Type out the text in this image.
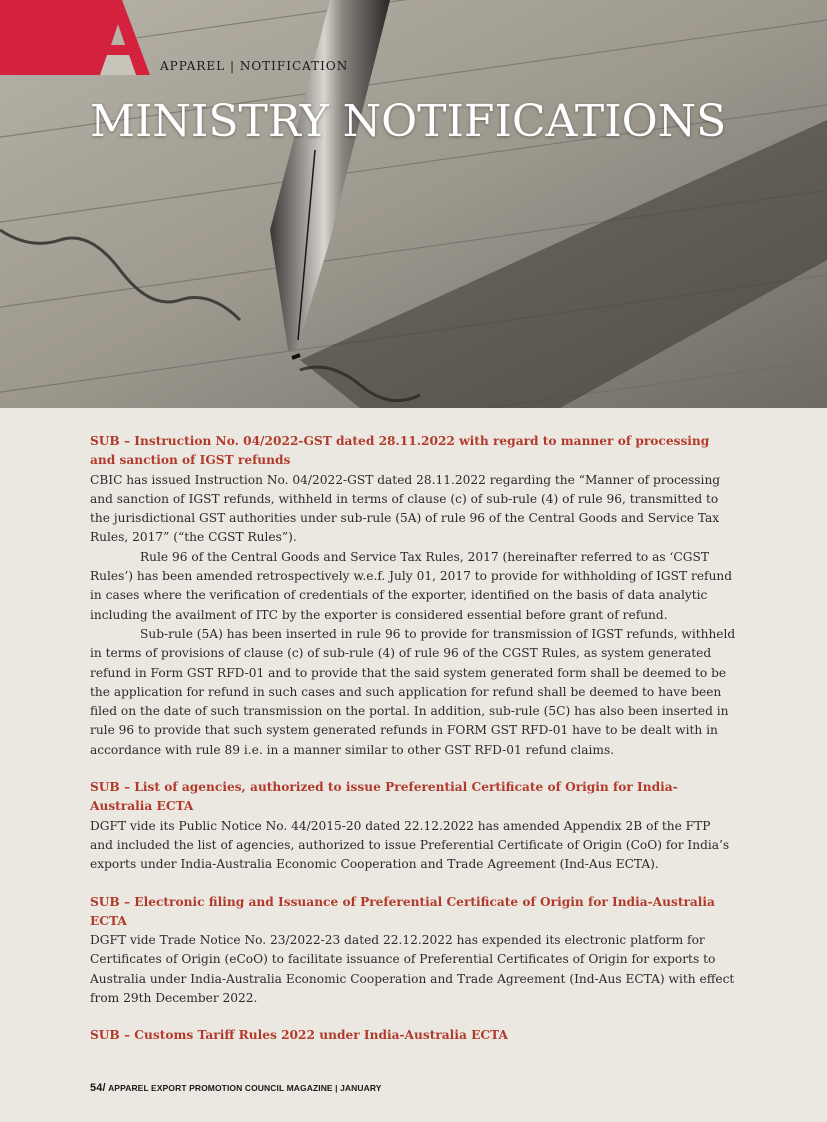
APPAREL | NOTIFICATION
MINISTRY NOTIFICATIONS
SUB – Instruction No. 04/2022-GST dated 28.11.2022 with regard to manner of processing and sanction of IGST refunds

CBIC has issued Instruction No. 04/2022-GST dated 28.11.2022 regarding the “Manner of processing and sanction of IGST refunds, withheld in terms of clause (c) of sub-rule (4) of rule 96, transmitted to the jurisdictional GST authorities under sub-rule (5A) of rule 96 of the Central Goods and Service Tax Rules, 2017” (“the CGST Rules”).

Rule 96 of the Central Goods and Service Tax Rules, 2017 (hereinafter referred to as ‘CGST Rules’) has been amended retrospectively w.e.f. July 01, 2017 to provide for withholding of IGST refund in cases where the verification of credentials of the exporter, identified on the basis of data analytic including the availment of ITC by the exporter is considered essential before grant of refund.

Sub-rule (5A) has been inserted in rule 96 to provide for transmission of IGST refunds, withheld in terms of provisions of clause (c) of sub-rule (4) of rule 96 of the CGST Rules, as system generated refund in Form GST RFD-01 and to provide that the said system generated form shall be deemed to be the application for refund in such cases and such application for refund shall be deemed to have been filed on the date of such transmission on the portal. In addition, sub-rule (5C) has also been inserted in rule 96 to provide that such system generated refunds in FORM GST RFD-01 have to be dealt with in accordance with rule 89 i.e. in a manner similar to other GST RFD-01 refund claims.

SUB – List of agencies, authorized to issue Preferential Certificate of Origin for India-Australia ECTA

DGFT vide its Public Notice No. 44/2015-20 dated 22.12.2022 has amended Appendix 2B of the FTP and included the list of agencies, authorized to issue Preferential Certificate of Origin (CoO) for India’s exports under India-Australia Economic Cooperation and Trade Agreement (Ind-Aus ECTA).

SUB – Electronic filing and Issuance of Preferential Certificate of Origin for India-Australia ECTA

DGFT vide Trade Notice No. 23/2022-23 dated 22.12.2022 has expended its electronic platform for Certificates of Origin (eCoO) to facilitate issuance of Preferential Certificates of Origin for exports to Australia under India-Australia Economic Cooperation and Trade Agreement (Ind-Aus ECTA) with effect from 29th December 2022.

SUB – Customs Tariff Rules 2022 under India-Australia ECTA
54/ APPAREL EXPORT PROMOTION COUNCIL MAGAZINE | JANUARY
